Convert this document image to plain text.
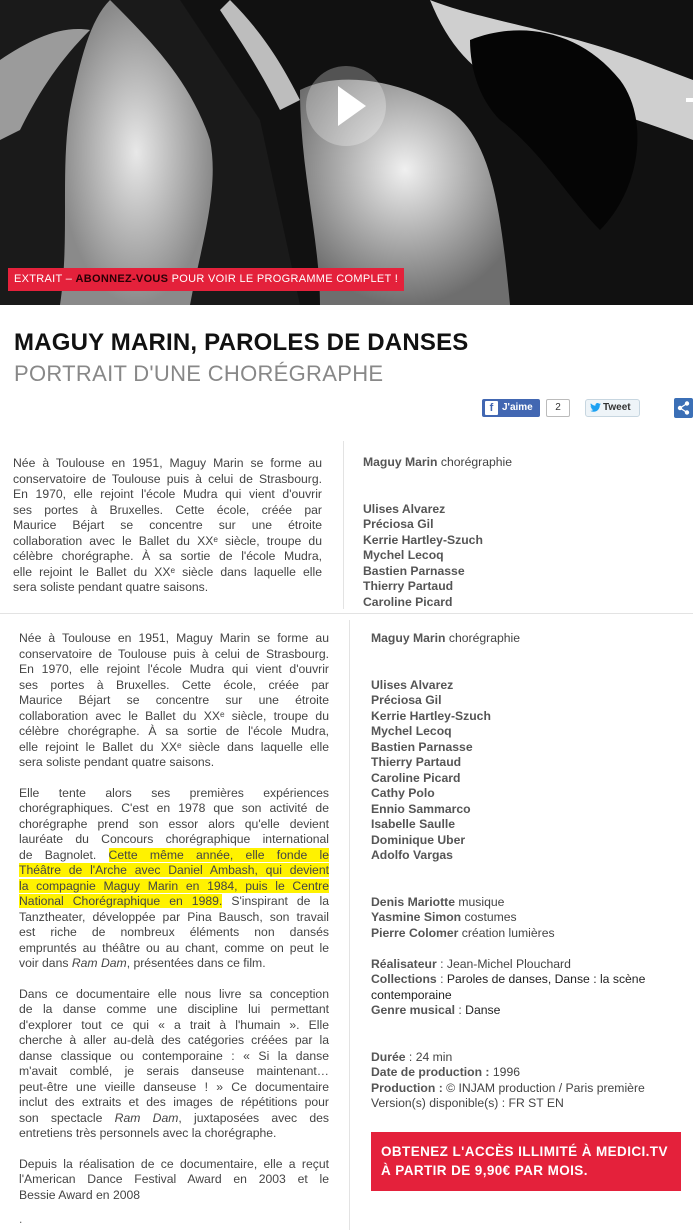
EXTRAIT – ABONNEZ-VOUS POUR VOIR LE PROGRAMME COMPLET !
MAGUY MARIN, PAROLES DE DANSES
PORTRAIT D'UNE CHORÉGRAPHE
f J'aime	2	Tweet
Née à Toulouse en 1951, Maguy Marin se forme au
conservatoire de Toulouse puis à celui de Strasbourg.
En 1970, elle rejoint l'école Mudra qui vient d'ouvrir
ses portes à Bruxelles. Cette école, créée par
Maurice Béjart se concentre sur une étroite
collaboration avec le Ballet du XXᵉ siècle, troupe du
célèbre chorégraphe. À sa sortie de l'école Mudra,
elle rejoint le Ballet du XXᵉ siècle dans laquelle elle
sera soliste pendant quatre saisons.
Maguy Marin chorégraphie
Ulises Alvarez
Préciosa Gil
Kerrie Hartley-Szuch
Mychel Lecoq
Bastien Parnasse
Thierry Partaud
Caroline Picard

Née à Toulouse en 1951, Maguy Marin se forme au
conservatoire de Toulouse puis à celui de Strasbourg.
En 1970, elle rejoint l'école Mudra qui vient d'ouvrir
ses portes à Bruxelles. Cette école, créée par
Maurice Béjart se concentre sur une étroite
collaboration avec le Ballet du XXᵉ siècle, troupe du
célèbre chorégraphe. À sa sortie de l'école Mudra,
elle rejoint le Ballet du XXᵉ siècle dans laquelle elle
sera soliste pendant quatre saisons.

Elle tente alors ses premières expériences
chorégraphiques. C'est en 1978 que son activité de
chorégraphe prend son essor alors qu'elle devient
lauréate du Concours chorégraphique international
de Bagnolet. Cette même année, elle fonde le
Théâtre de l'Arche avec Daniel Ambash, qui devient
la compagnie Maguy Marin en 1984, puis le Centre
National Chorégraphique en 1989. S'inspirant de la
Tanztheater, développée par Pina Bausch, son travail
est riche de nombreux éléments non dansés
empruntés au théâtre ou au chant, comme on peut le
voir dans Ram Dam, présentées dans ce film.

Dans ce documentaire elle nous livre sa conception
de la danse comme une discipline lui permettant
d'explorer tout ce qui « a trait à l'humain ». Elle
cherche à aller au-delà des catégories créées par la
danse classique ou contemporaine : « Si la danse
m'avait comblé, je serais danseuse maintenant…
peut-être une vieille danseuse ! » Ce documentaire
inclut des extraits et des images de répétitions pour
son spectacle Ram Dam, juxtaposées avec des
entretiens très personnels avec la chorégraphe.

Depuis la réalisation de ce documentaire, elle a reçut
l'American Dance Festival Award en 2003 et le
Bessie Award en 2008

.
Maguy Marin chorégraphie
Ulises Alvarez
Préciosa Gil
Kerrie Hartley-Szuch
Mychel Lecoq
Bastien Parnasse
Thierry Partaud
Caroline Picard
Cathy Polo
Ennio Sammarco
Isabelle Saulle
Dominique Uber
Adolfo Vargas
Denis Mariotte musique
Yasmine Simon costumes
Pierre Colomer création lumières
Réalisateur : Jean-Michel Plouchard
Collections : Paroles de danses, Danse : la scène
contemporaine
Genre musical : Danse
Durée : 24 min
Date de production : 1996
Production : © INJAM production / Paris première
Version(s) disponible(s) : FR ST EN
OBTENEZ L'ACCÈS ILLIMITÉ À MEDICI.TV
À PARTIR DE 9,90€ PAR MOIS.
